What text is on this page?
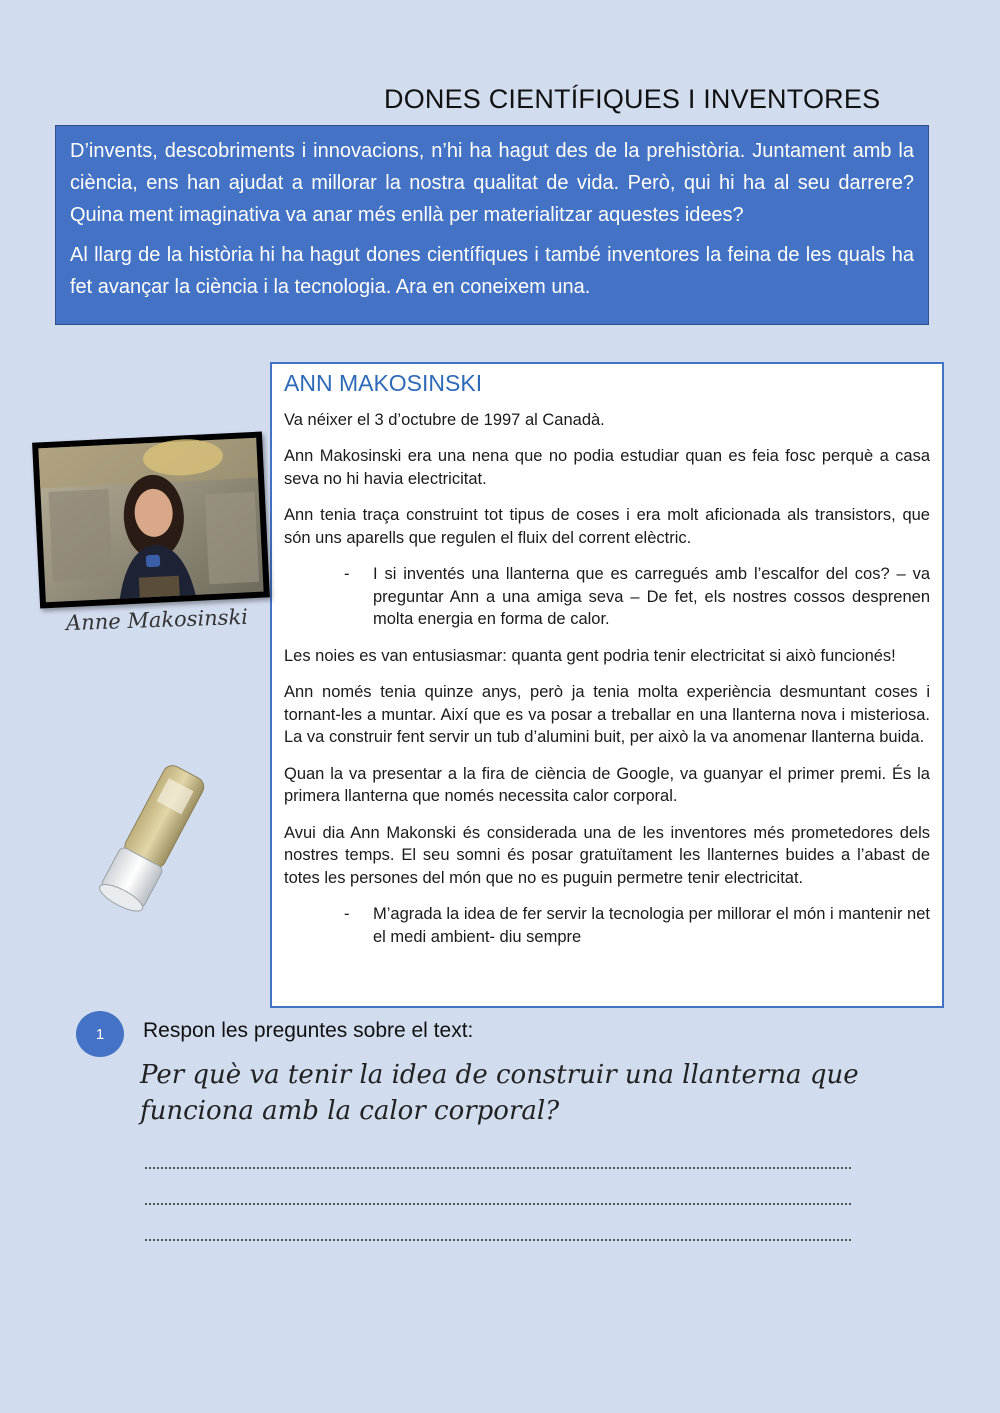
DONES CIENTÍFIQUES I INVENTORES

D’invents, descobriments i innovacions, n’hi ha hagut des de la prehistòria. Juntament amb la ciència, ens han ajudat a millorar la nostra qualitat de vida. Però, qui hi ha al seu darrere? Quina ment imaginativa va anar més enllà per materialitzar aquestes idees?

Al llarg de la història hi ha hagut dones científiques i també inventores la feina de les quals ha fet avançar la ciència i la tecnologia. Ara en coneixem una.

ANN MAKOSINSKI

Va néixer el 3 d’octubre de 1997 al Canadà.

Ann Makosinski era una nena que no podia estudiar quan es feia fosc perquè a casa seva no hi havia electricitat.

Ann tenia traça construint tot tipus de coses i era molt aficionada als transistors, que són uns aparells que regulen el fluix del corrent elèctric.

- I si inventés una llanterna que es carregués amb l’escalfor del cos? – va preguntar Ann a una amiga seva – De fet, els nostres cossos desprenen molta energia en forma de calor.

Les noies es van entusiasmar: quanta gent podria tenir electricitat si això funcionés!

Ann només tenia quinze anys, però ja tenia molta experiència desmuntant coses i tornant-les a muntar. Així que es va posar a treballar en una llanterna nova i misteriosa. La va construir fent servir un tub d’alumini buit, per això la va anomenar llanterna buida.

Quan la va presentar a la fira de ciència de Google, va guanyar el primer premi. És la primera llanterna que només necessita calor corporal.

Avui dia Ann Makonski és considerada una de les inventores més prometedores dels nostres temps. El seu somni és posar gratuïtament les llanternes buides a l’abast de totes les persones del món que no es puguin permetre tenir electricitat.

- M’agrada la idea de fer servir la tecnologia per millorar el món i mantenir net el medi ambient- diu sempre

Anne Makosinski
1	Respon les preguntes sobre el text:
Per què va tenir la idea de construir una llanterna que funciona amb la calor corporal?
